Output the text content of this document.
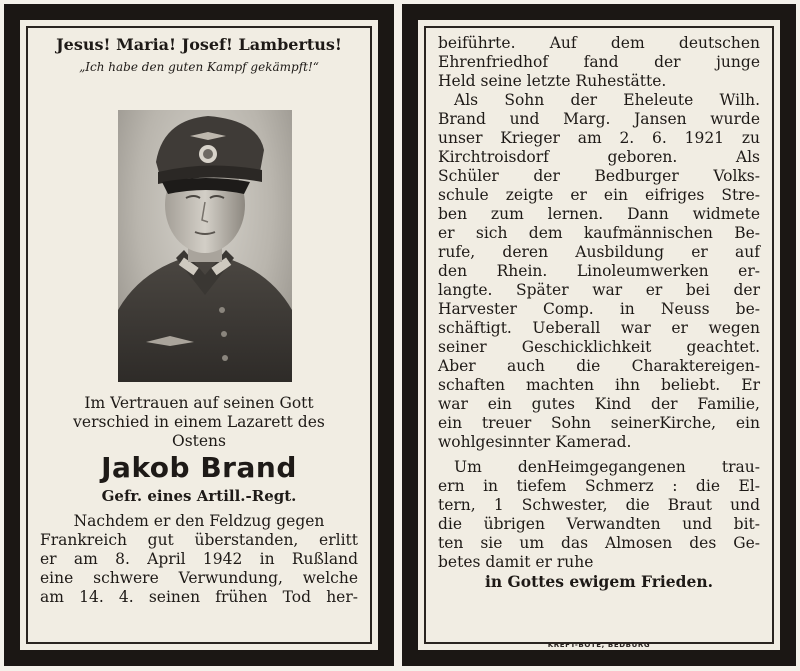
Jesus! Maria! Josef! Lambertus!
„Ich habe den guten Kampf gekämpft!“
Im Vertrauen auf seinen Gott
verschied in einem Lazarett des
Ostens
Jakob Brand
Gefr. eines Artill.-Regt.
Nachdem er den Feldzug gegen
Frankreich gut überstanden, erlitt
er am 8. April 1942 in Rußland
eine schwere Verwundung, welche
am 14. 4. seinen frühen Tod her-
beiführte. Auf dem deutschen
Ehrenfriedhof fand der junge
Held seine letzte Ruhestätte.
Als Sohn der Eheleute Wilh.
Brand und Marg. Jansen wurde
unser Krieger am 2. 6. 1921 zu
Kirchtroisdorf geboren. Als
Schüler der Bedburger Volks-
schule zeigte er ein eifriges Stre-
ben zum lernen. Dann widmete
er sich dem kaufmännischen Be-
rufe, deren Ausbildung er auf
den Rhein. Linoleumwerken er-
langte. Später war er bei der
Harvester Comp. in Neuss be-
schäftigt. Ueberall war er wegen
seiner Geschicklichkeit geachtet.
Aber auch die Charaktereigen-
schaften machten ihn beliebt. Er
war ein gutes Kind der Familie,
ein treuer Sohn seinerKirche, ein
wohlgesinnter Kamerad.
Um denHeimgegangenen trau-
ern in tiefem Schmerz : die El-
tern, 1 Schwester, die Braut und
die übrigen Verwandten und bit-
ten sie um das Almosen des Ge-
betes damit er ruhe
in Gottes ewigem Frieden.
KREFT-BOTE, BEDBURG
